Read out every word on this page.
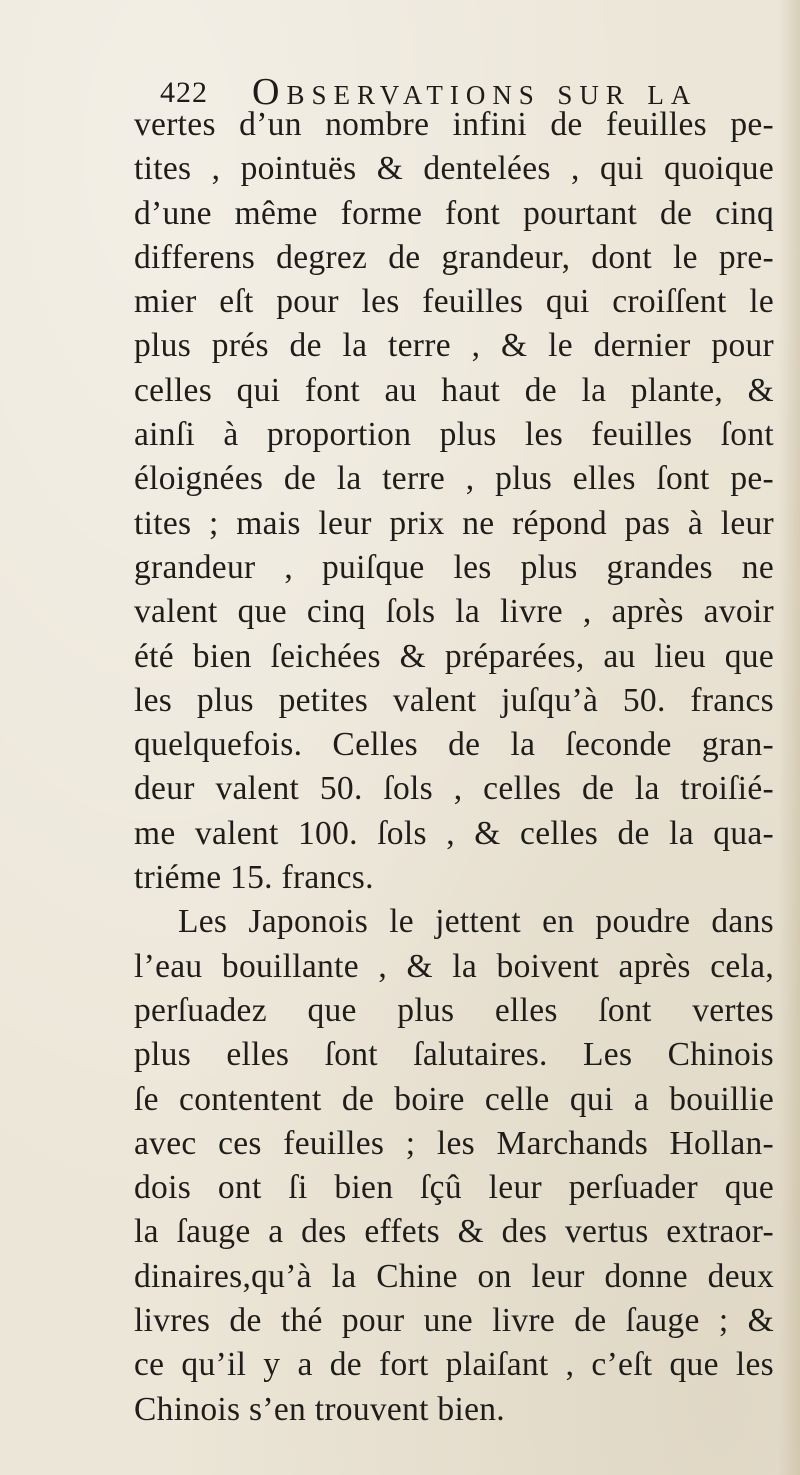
422 Observations sur la
vertes d’un nombre infini de feuilles pe-
tites , pointuës & dentelées , qui quoique
d’une même forme font pourtant de cinq
differens degrez de grandeur, dont le pre-
mier eſt pour les feuilles qui croiſſent le
plus prés de la terre , & le dernier pour
celles qui font au haut de la plante, &
ainſi à proportion plus les feuilles ſont
éloignées de la terre , plus elles ſont pe-
tites ; mais leur prix ne répond pas à leur
grandeur , puiſque les plus grandes ne
valent que cinq ſols la livre , après avoir
été bien ſeichées & préparées, au lieu que
les plus petites valent juſqu’à 50. francs
quelquefois. Celles de la ſeconde gran-
deur valent 50. ſols , celles de la troiſié-
me valent 100. ſols , & celles de la qua-
triéme 15. francs.
Les Japonois le jettent en poudre dans
l’eau bouillante , & la boivent après cela,
perſuadez que plus elles ſont vertes
plus elles ſont ſalutaires. Les Chinois
ſe contentent de boire celle qui a bouillie
avec ces feuilles ; les Marchands Hollan-
dois ont ſi bien ſçû leur perſuader que
la ſauge a des effets & des vertus extraor-
dinaires,qu’à la Chine on leur donne deux
livres de thé pour une livre de ſauge ; &
ce qu’il y a de fort plaiſant , c’eſt que les
Chinois s’en trouvent bien.
